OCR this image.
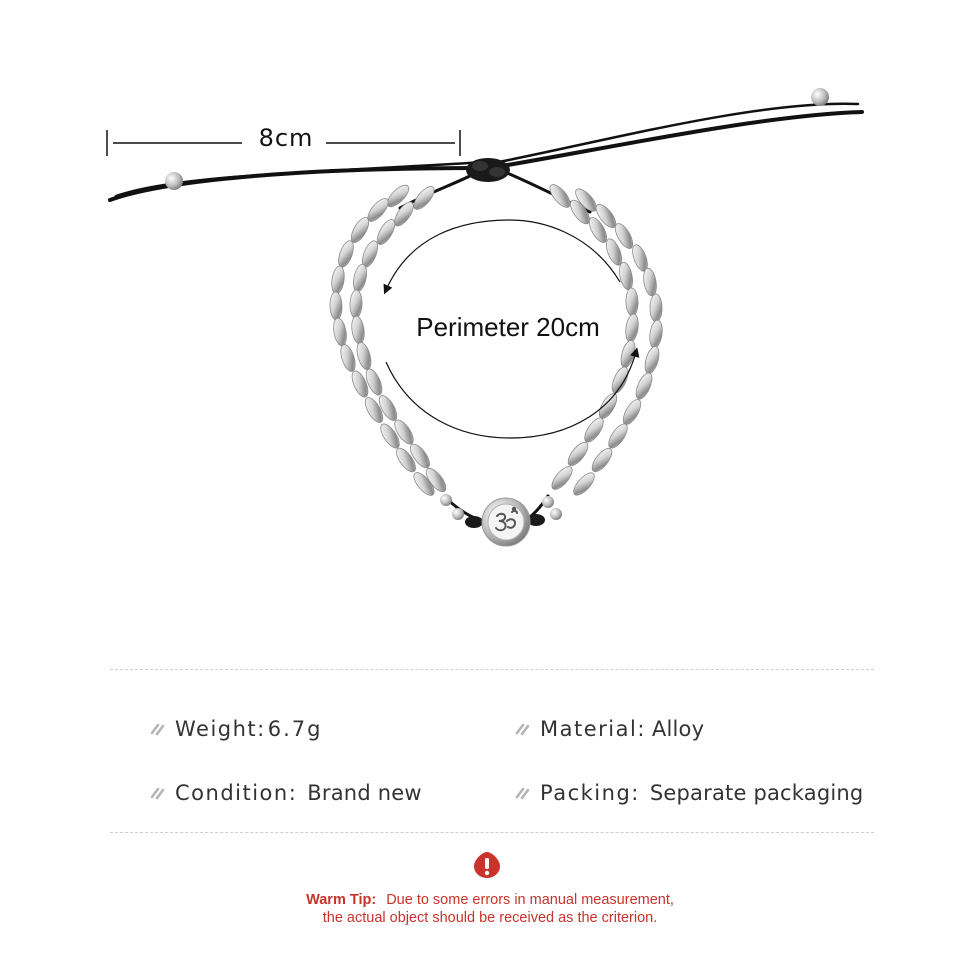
8cm
Perimeter 20cm
Weight: 6.7g	Material: Alloy
Condition: Brand new	Packing: Separate packaging
Warm Tip: Due to some errors in manual measurement,
the actual object should be received as the criterion.
